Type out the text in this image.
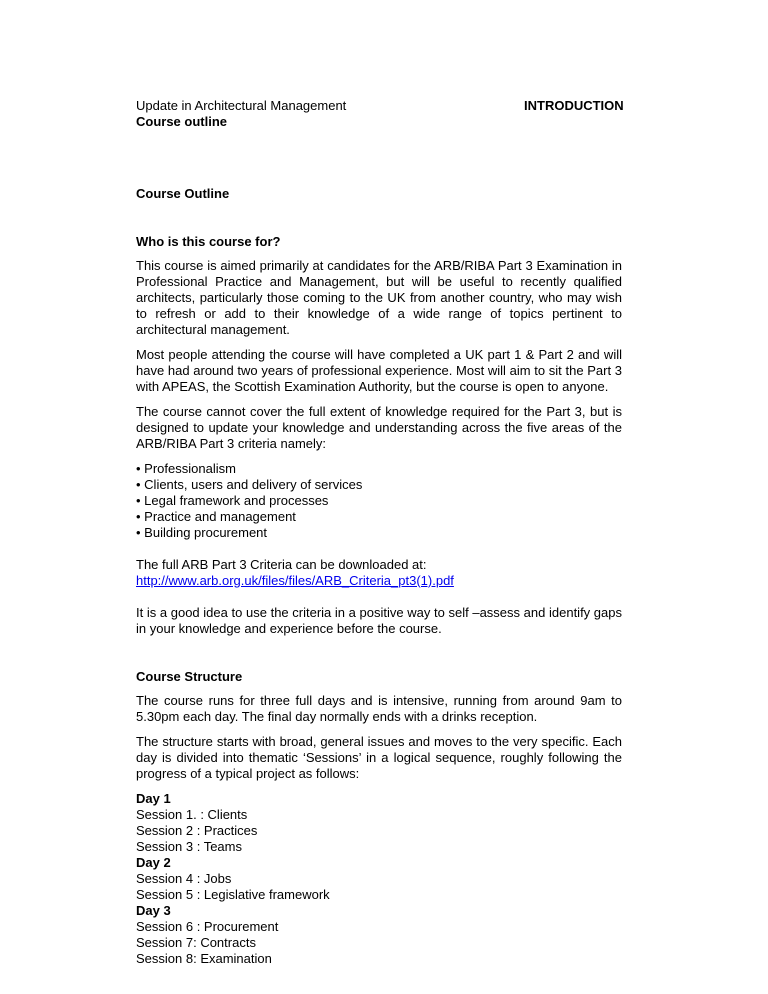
Update in Architectural Management
Course outline
INTRODUCTION

Course Outline

Who is this course for?

This course is aimed primarily at candidates for the ARB/RIBA Part 3 Examination in Professional Practice and Management, but will be useful to recently qualified architects, particularly those coming to the UK from another country, who may wish to refresh or add to their knowledge of a wide range of topics pertinent to architectural management.

Most people attending the course will have completed a UK part 1 & Part 2 and will have had around two years of professional experience. Most will aim to sit the Part 3 with APEAS, the Scottish Examination Authority, but the course is open to anyone.

The course cannot cover the full extent of knowledge required for the Part 3, but is designed to update your knowledge and understanding across the five areas of the ARB/RIBA Part 3 criteria namely:

• Professionalism
• Clients, users and delivery of services
• Legal framework and processes
• Practice and management
• Building procurement

The full ARB Part 3 Criteria can be downloaded at:

http://www.arb.org.uk/files/files/ARB_Criteria_pt3(1).pdf

It is a good idea to use the criteria in a positive way to self –assess and identify gaps in your knowledge and experience before the course.

Course Structure

The course runs for three full days and is intensive, running from around 9am to 5.30pm each day. The final day normally ends with a drinks reception.

The structure starts with broad, general issues and moves to the very specific. Each day is divided into thematic ‘Sessions’ in a logical sequence, roughly following the progress of a typical project as follows:

Day 1
Session 1. : Clients
Session 2 : Practices
Session 3 : Teams
Day 2
Session 4 : Jobs
Session 5 : Legislative framework
Day 3
Session 6 : Procurement
Session 7: Contracts
Session 8: Examination
